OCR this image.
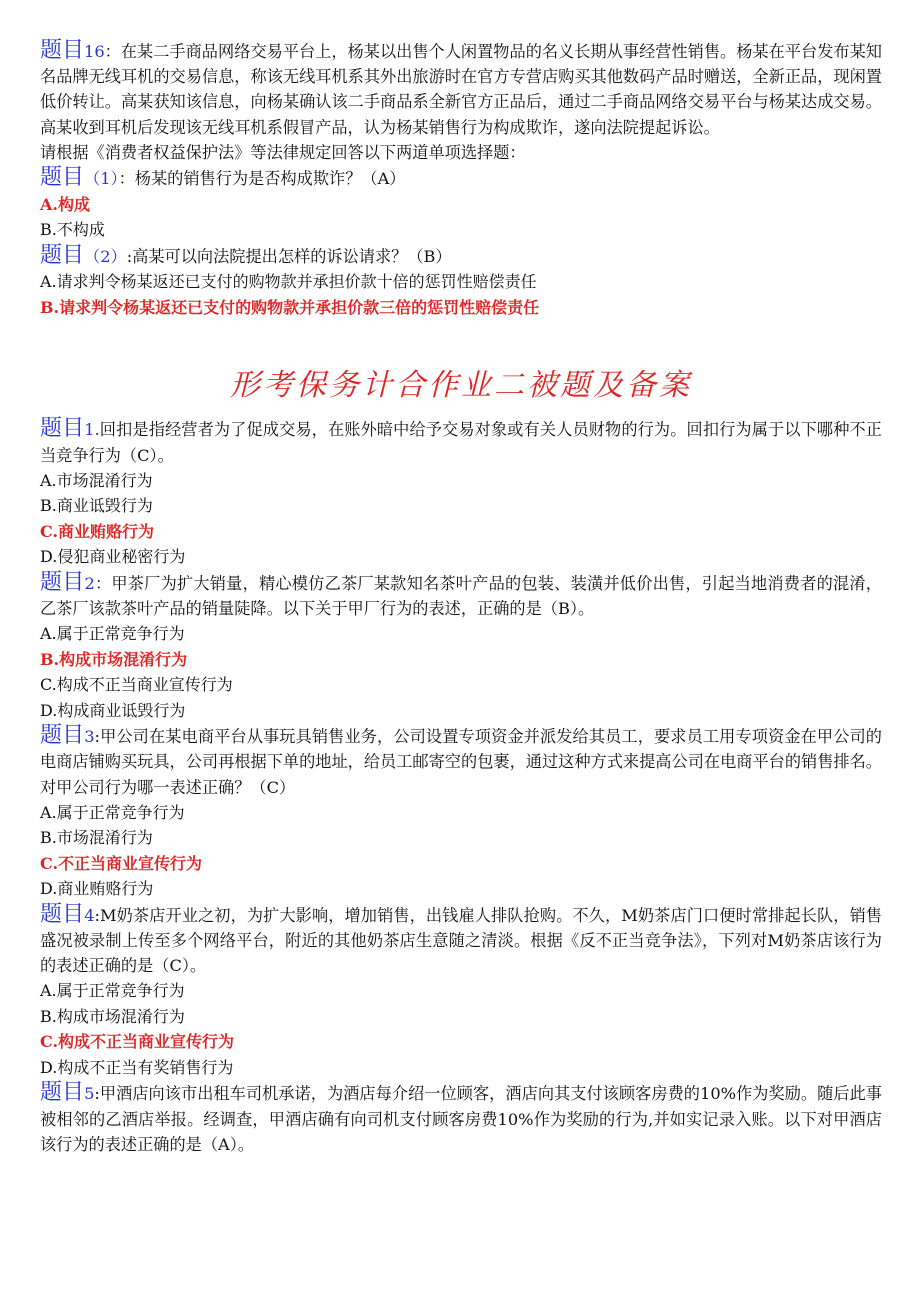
题目16：在某二手商品网络交易平台上，杨某以出售个人闲置物品的名义长期从事经营性销售。杨某在平台发布某知名品牌无线耳机的交易信息，称该无线耳机系其外出旅游时在官方专营店购买其他数码产品时赠送，全新正品，现闲置低价转让。高某获知该信息，向杨某确认该二手商品系全新官方正品后，通过二手商品网络交易平台与杨某达成交易。高某收到耳机后发现该无线耳机系假冒产品，认为杨某销售行为构成欺诈，遂向法院提起诉讼。

请根据《消费者权益保护法》等法律规定回答以下两道单项选择题：

题目（1）：杨某的销售行为是否构成欺诈？（A）

A.构成

B.不构成

题目（2）:高某可以向法院提出怎样的诉讼请求？（B）

A.请求判令杨某返还已支付的购物款并承担价款十倍的惩罚性赔偿责任

B.请求判令杨某返还已支付的购物款并承担价款三倍的惩罚性赔偿责任

形考保务计合作业二被题及备案

题目1.回扣是指经营者为了促成交易，在账外暗中给予交易对象或有关人员财物的行为。回扣行为属于以下哪种不正当竞争行为（C）。

A.市场混淆行为

B.商业诋毁行为

C.商业贿赂行为

D.侵犯商业秘密行为

题目2：甲茶厂为扩大销量，精心模仿乙茶厂某款知名茶叶产品的包装、装潢并低价出售，引起当地消费者的混淆，乙茶厂该款茶叶产品的销量陡降。以下关于甲厂行为的表述，正确的是（B）。

A.属于正常竞争行为

B.构成市场混淆行为

C.构成不正当商业宣传行为

D.构成商业诋毁行为

题目3:甲公司在某电商平台从事玩具销售业务，公司设置专项资金并派发给其员工，要求员工用专项资金在甲公司的电商店铺购买玩具，公司再根据下单的地址，给员工邮寄空的包裹，通过这种方式来提高公司在电商平台的销售排名。对甲公司行为哪一表述正确？（C）

A.属于正常竞争行为

B.市场混淆行为

C.不正当商业宣传行为

D.商业贿赂行为

题目4:M奶茶店开业之初，为扩大影响，增加销售，出钱雇人排队抢购。不久，M奶茶店门口便时常排起长队，销售盛况被录制上传至多个网络平台，附近的其他奶茶店生意随之清淡。根据《反不正当竞争法》，下列对M奶茶店该行为的表述正确的是（C）。

A.属于正常竞争行为

B.构成市场混淆行为

C.构成不正当商业宣传行为

D.构成不正当有奖销售行为

题目5:甲酒店向该市出租车司机承诺，为酒店每介绍一位顾客，酒店向其支付该顾客房费的10%作为奖励。随后此事被相邻的乙酒店举报。经调查，甲酒店确有向司机支付顾客房费10%作为奖励的行为,并如实记录入账。以下对甲酒店该行为的表述正确的是（A）。
